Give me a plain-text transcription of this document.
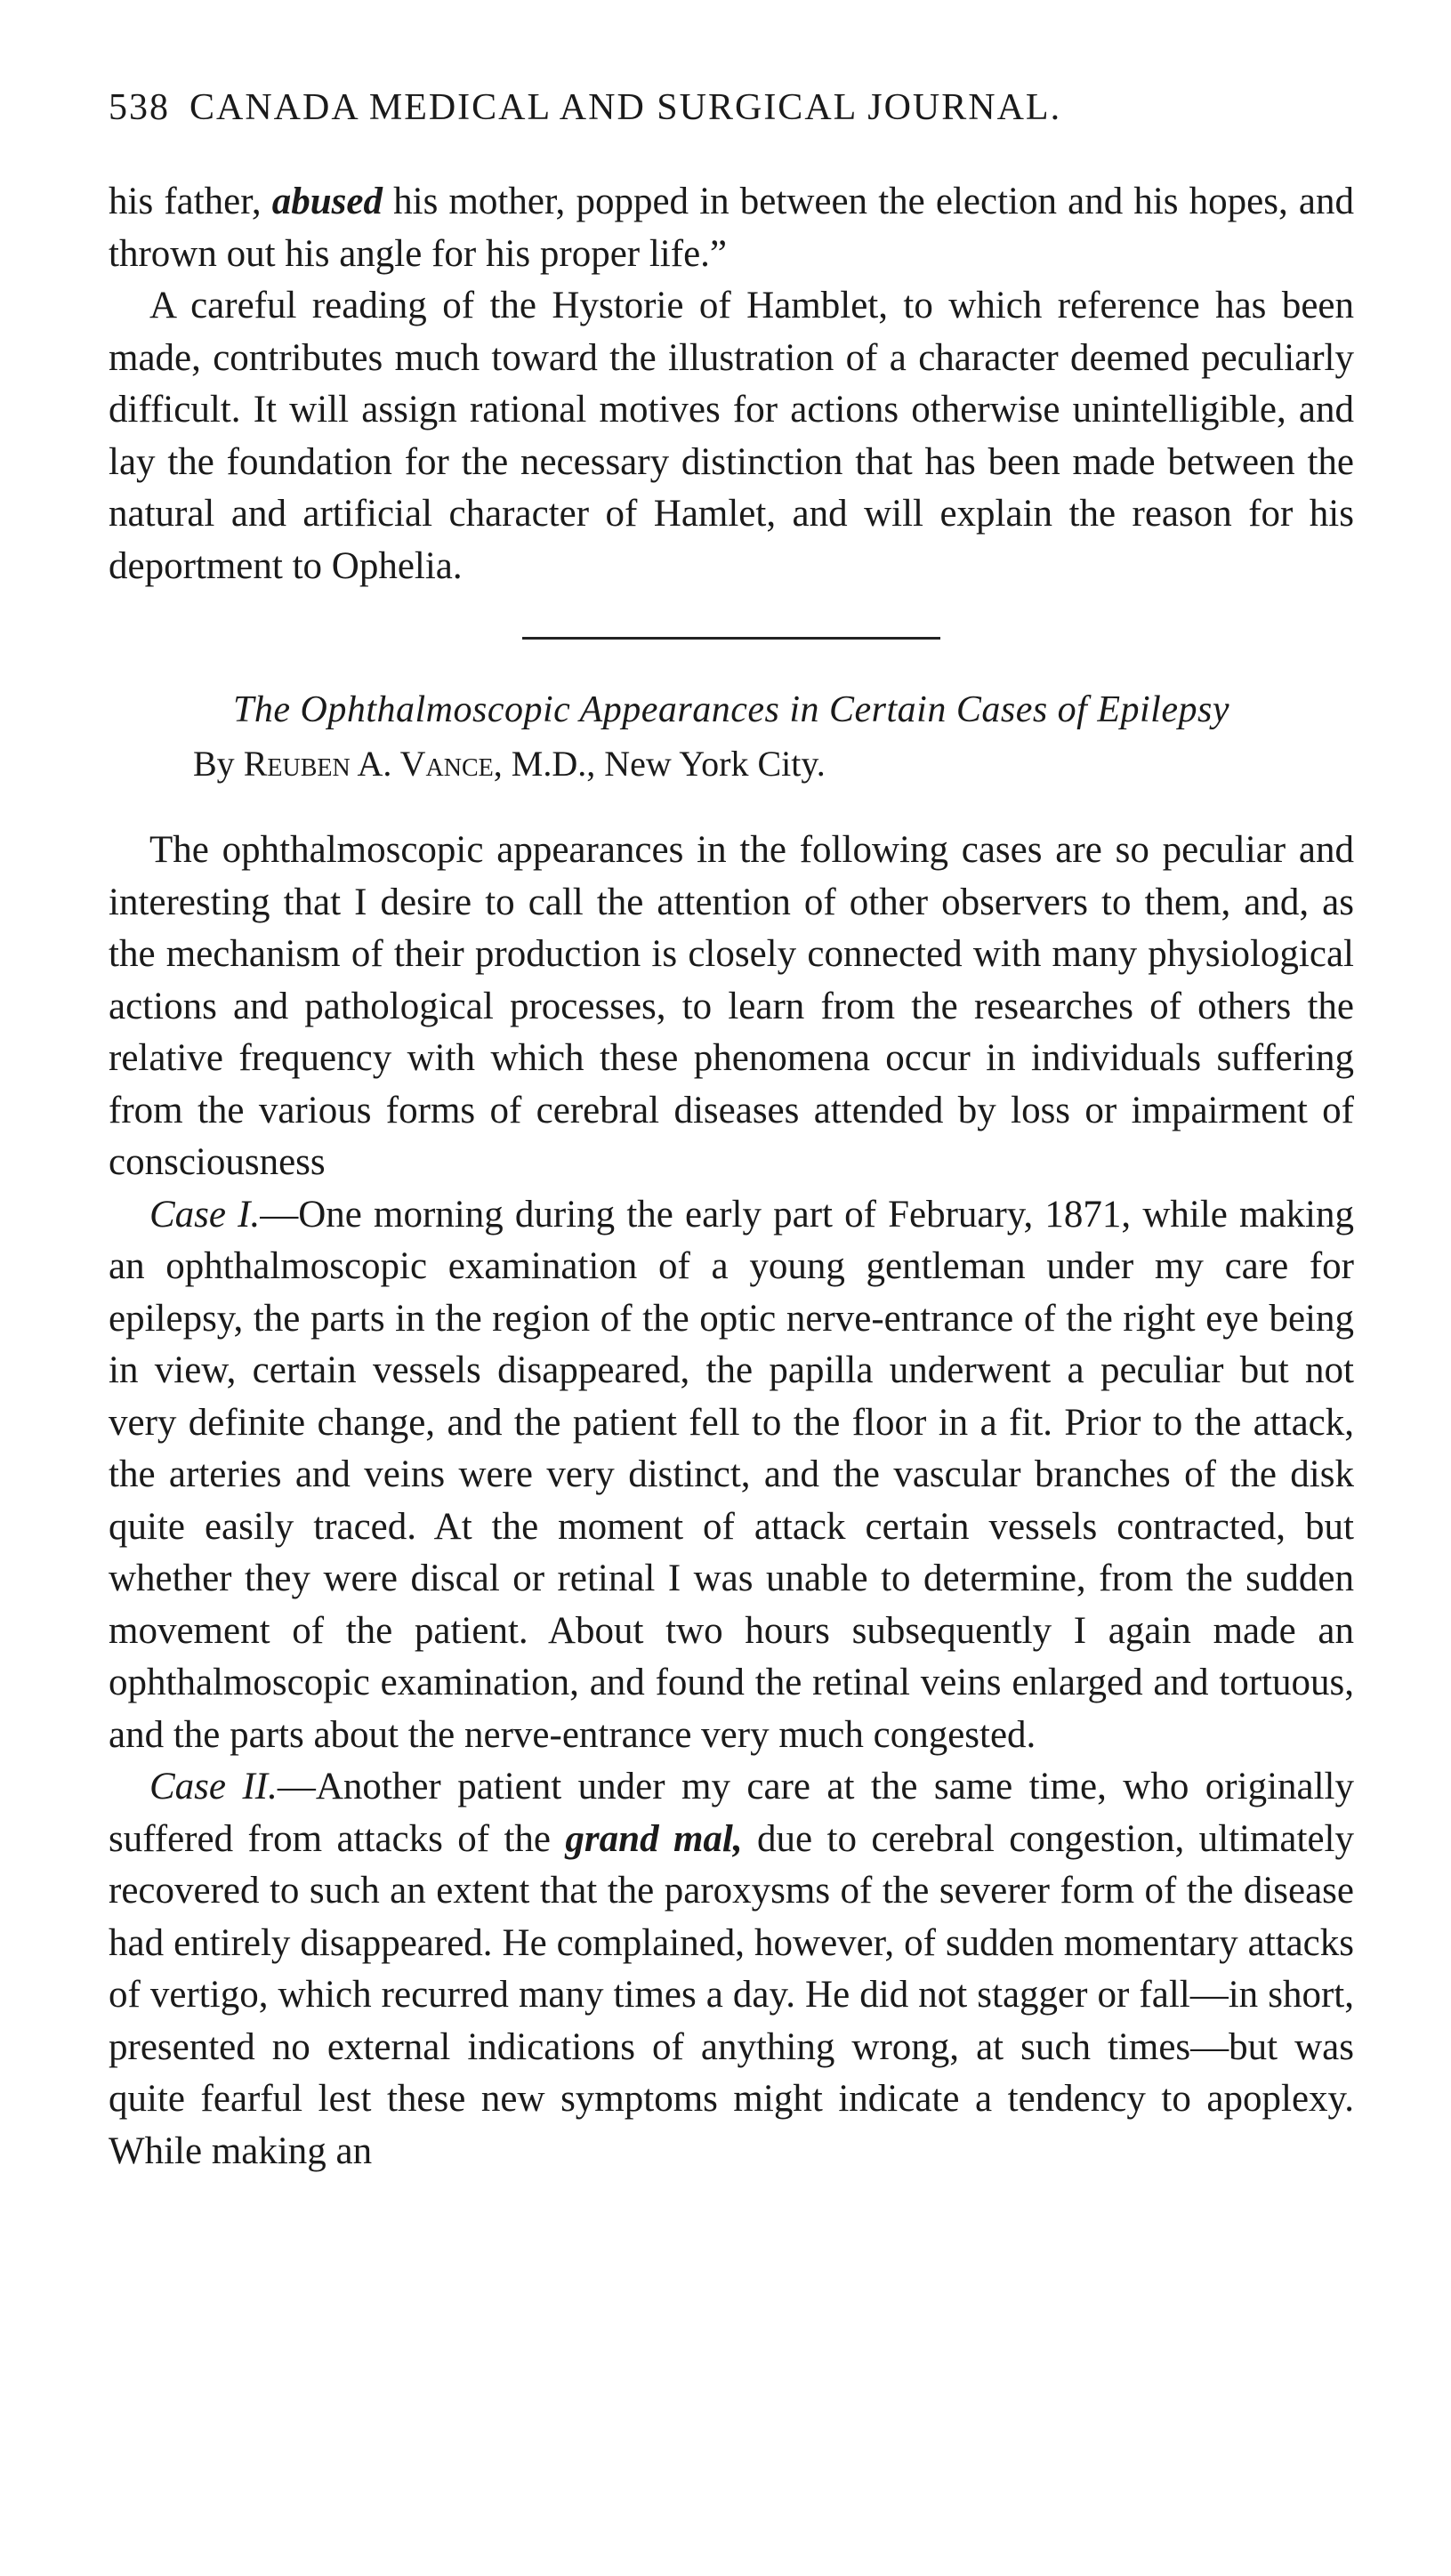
538 CANADA MEDICAL AND SURGICAL JOURNAL.

his father, abused his mother, popped in between the election and his hopes, and thrown out his angle for his proper life.”

A careful reading of the Hystorie of Hamblet, to which reference has been made, contributes much toward the illustration of a character deemed peculiarly difficult. It will assign rational motives for actions otherwise unintelligible, and lay the foundation for the necessary distinction that has been made between the natural and artificial character of Hamlet, and will explain the reason for his deportment to Ophelia.

The Ophthalmoscopic Appearances in Certain Cases of Epilepsy

By Reuben A. Vance, M.D., New York City.

The ophthalmoscopic appearances in the following cases are so peculiar and interesting that I desire to call the attention of other observers to them, and, as the mechanism of their production is closely connected with many physiological actions and pathological processes, to learn from the researches of others the relative frequency with which these phenomena occur in individuals suffering from the various forms of cerebral diseases attended by loss or impairment of consciousness

Case I.—One morning during the early part of February, 1871, while making an ophthalmoscopic examination of a young gentleman under my care for epilepsy, the parts in the region of the optic nerve-entrance of the right eye being in view, certain vessels disappeared, the papilla underwent a peculiar but not very definite change, and the patient fell to the floor in a fit. Prior to the attack, the arteries and veins were very distinct, and the vascular branches of the disk quite easily traced. At the moment of attack certain vessels contracted, but whether they were discal or retinal I was unable to determine, from the sudden movement of the patient. About two hours subsequently I again made an ophthalmoscopic examination, and found the retinal veins enlarged and tortuous, and the parts about the nerve-entrance very much congested.

Case II.—Another patient under my care at the same time, who originally suffered from attacks of the grand mal, due to cerebral congestion, ultimately recovered to such an extent that the paroxysms of the severer form of the disease had entirely disappeared. He complained, however, of sudden momentary attacks of vertigo, which recurred many times a day. He did not stagger or fall—in short, presented no external indications of anything wrong, at such times—but was quite fearful lest these new symptoms might indicate a tendency to apoplexy. While making an
